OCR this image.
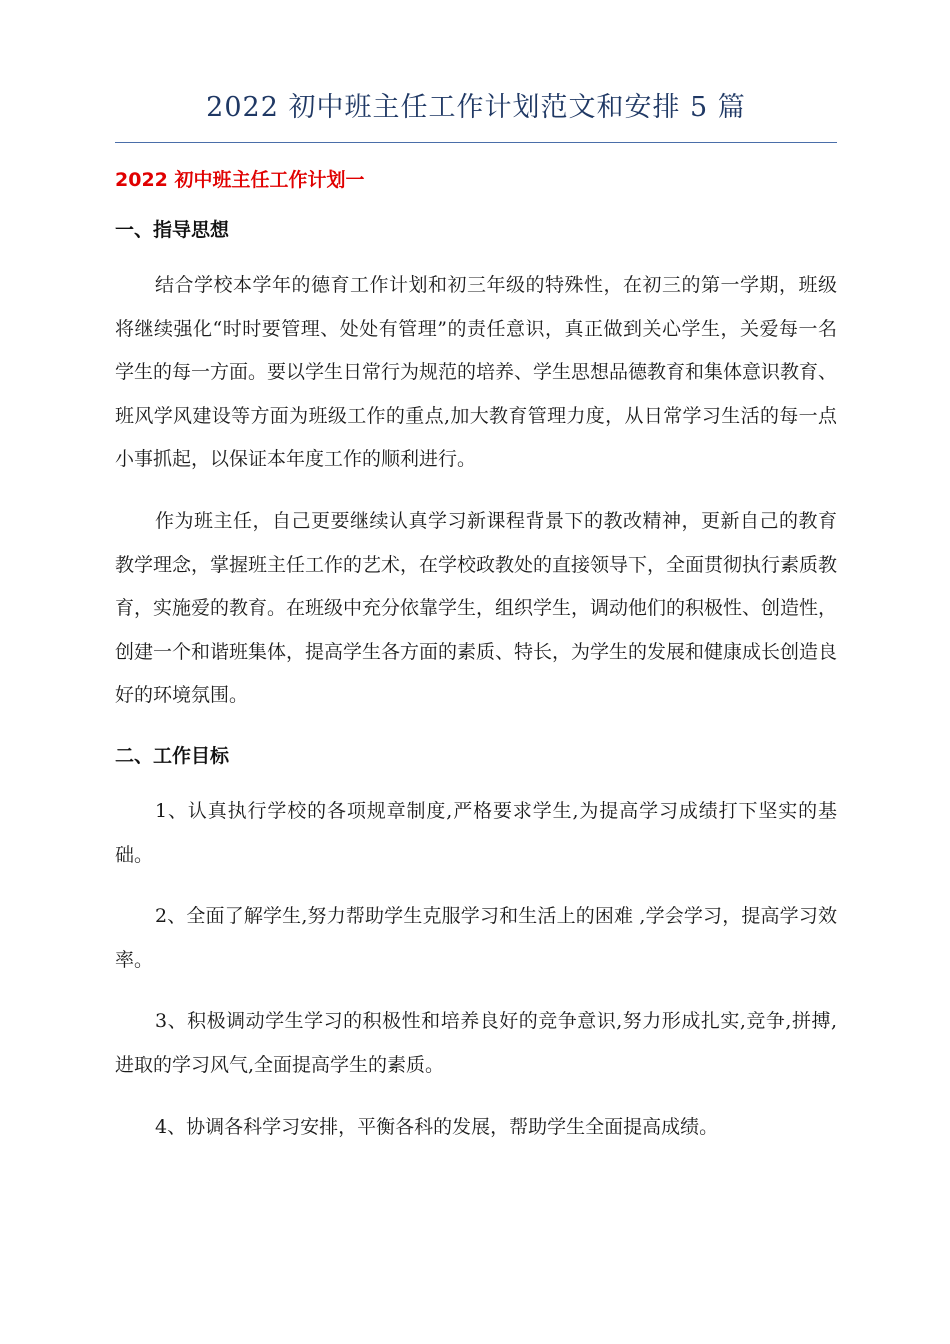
2022 初中班主任工作计划范文和安排 5 篇
2022 初中班主任工作计划一
一、指导思想

结合学校本学年的德育工作计划和初三年级的特殊性，在初三的第一学期，班级将继续强化“时时要管理、处处有管理”的责任意识，真正做到关心学生，关爱每一名学生的每一方面。要以学生日常行为规范的培养、学生思想品德教育和集体意识教育、班风学风建设等方面为班级工作的重点,加大教育管理力度，从日常学习生活的每一点小事抓起，以保证本年度工作的顺利进行。

作为班主任，自己更要继续认真学习新课程背景下的教改精神，更新自己的教育教学理念，掌握班主任工作的艺术，在学校政教处的直接领导下，全面贯彻执行素质教育，实施爱的教育。在班级中充分依靠学生，组织学生，调动他们的积极性、创造性，创建一个和谐班集体，提高学生各方面的素质、特长，为学生的发展和健康成长创造良好的环境氛围。

二、工作目标

1、认真执行学校的各项规章制度,严格要求学生,为提高学习成绩打下坚实的基础。

2、全面了解学生,努力帮助学生克服学习和生活上的困难 ,学会学习，提高学习效率。

3、积极调动学生学习的积极性和培养良好的竞争意识,努力形成扎实,竞争,拼搏,进取的学习风气,全面提高学生的素质。

4、协调各科学习安排，平衡各科的发展，帮助学生全面提高成绩。
